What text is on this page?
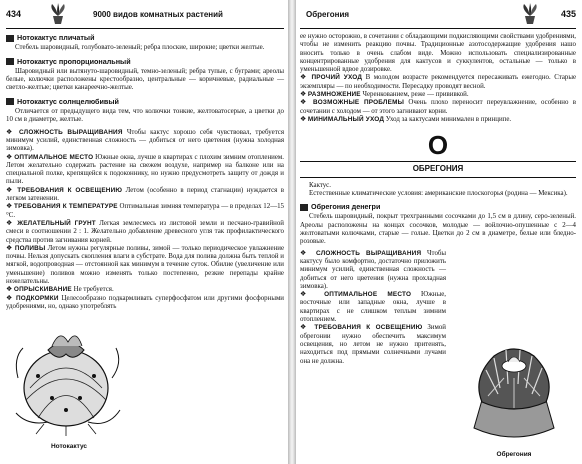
434	9000 видов комнатных растений
Нотокактус пличатый

Стебель шаровидный, голубовато-зеленый; ребра плоские, широкие; цветки желтые.

Нотокактус пропорциональный

Шаровидный или вытянуто-шаровидный, темно-зеленый; ребра тупые, с буграми; ареолы белые, колючки расположены крестообразно, центральные — коричневые, радиальные — светло-желтые; цветки канареечно-желтые.

Нотокактус солнцелюбивый

Отличается от предыдущего вида тем, что колючки тонкие, желтоватосерые, а цветки до 10 см в диаметре, желтые.

❖ СЛОЖНОСТЬ ВЫРАЩИВАНИЯ Чтобы кактус хорошо себя чувствовал, требуется минимум усилий, единственная сложность — добиться от него цветения (нужна холодная зимовка).

❖ ОПТИМАЛЬНОЕ МЕСТО Южные окна, лучше в квартирах с плохим зимним отоплением. Летом желательно содержать растение на свежем воздухе, например на балконе или на специальной полке, крепящейся к подоконнику, но нужно предусмотреть защиту от дождя и пыли.

❖ ТРЕБОВАНИЯ К ОСВЕЩЕНИЮ Летом (особенно в период стагнации) нуждается в легком затенении.

❖ ТРЕБОВАНИЯ К ТЕМПЕРАТУРЕ Оптимальная зимняя температура — в пределах 12—15 °С.

❖ ЖЕЛАТЕЛЬНЫЙ ГРУНТ Легкая землесмесь из листовой земли и песчано-гравийной смеси в соотношении 2 : 1. Желательно добавление древесного угля так профилактического средства против загнивания корней.

❖ ПОЛИВЫ Летом нужны регулярные поливы, зимой — только периодическое увлажнение почвы. Нельзя допускать скопления влаги в субстрате. Вода для полива должна быть теплой и мягкой, водопроводная — отстоянной как минимум в течение суток. Обилие (увеличение или уменьшение) поливов можно изменять только постепенно, резкие перепады крайне нежелательны.

❖ ОПРЫСКИВАНИЕ Не требуется.

❖ ПОДКОРМКИ Целесообразно подкармливать суперфосфатом или другими фосфорными удобрениями, но, однако употреблять

Нотокактус
Обрегония	435

ее нужно осторожно, в сочетании с обладающими подкисляющими свойствами удобрениями, чтобы не изменить реакцию почвы. Традиционные азотосодержащие удобрения нашо вносить только в очень слабом виде. Можно использовать специализированные концентрированные удобрения для кактусов и суккулентов, остальные — только в уменьшенной вдвое дозировке.

❖ ПРОЧИЙ УХОД В молодом возрасте рекомендуется пересаживать ежегодно. Старые экземпляры — по необходимости. Пересадку проводят весной.

❖ РАЗМНОЖЕНИЕ Черенкованием, реже — прививкой.

❖ ВОЗМОЖНЫЕ ПРОБЛЕМЫ Очень плохо переносит переувлажнение, особенно в сочетании с холодом — от этого загнивают корни.

❖ МИНИМАЛЬНЫЙ УХОД Уход за кактусами минимален в принципе.

О
ОБРЕГОНИЯ

Кактус.

Естественные климатические условия: американские плоскогорья (родина — Мексика).

Обрегония денегри

Стебель шаровидный, покрыт трехгранными сосочками до 1,5 см в длину, серо-зеленый. Ареолы расположены на концах сосочков, молодые — войлочно-опушенные с 2—4 желтоватыми колючками, старые — голые. Цветки до 2 см в диаметре, белые или бледно-розовые.

❖ СЛОЖНОСТЬ ВЫРАЩИВАНИЯ Чтобы кактусу было комфортно, достаточно приложить минимум усилий, единственная сложность — добиться от него цветения (нужна прохладная зимовка).

❖ ОПТИМАЛЬНОЕ МЕСТО Южные, восточные или западные окна, лучше в квартирах с не слишком теплым зимним отоплением.

❖ ТРЕБОВАНИЯ К ОСВЕЩЕНИЮ Зимой обрегонии нужно обеспечить максимум освещения, но летом не нужно притенять, находиться под прямыми солнечными лучами она не должна.

Обрегония
